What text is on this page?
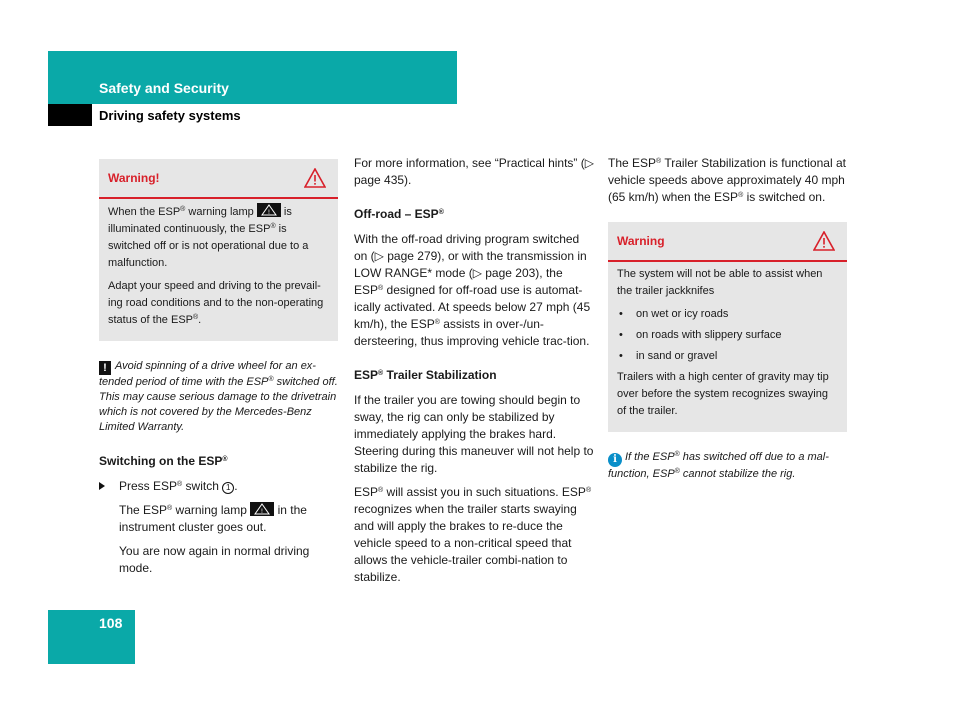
Safety and Security
Driving safety systems
Warning!

When the ESP® warning lamp ! is illuminated continuously, the ESP® is switched off or is not operational due to a malfunction.

Adapt your speed and driving to the prevail-ing road conditions and to the non-operating status of the ESP®.

! Avoid spinning of a drive wheel for an ex-tended period of time with the ESP® switched off. This may cause serious damage to the drivetrain which is not covered by the Mercedes-Benz Limited Warranty.

Switching on the ESP®

Press ESP® switch 1 .

The ESP® warning lamp ! in the instrument cluster goes out.

You are now again in normal driving mode.

For more information, see “Practical hints” (▷ page 435).

Off-road – ESP®

With the off-road driving program switched on (▷ page 279), or with the transmission in LOW RANGE* mode (▷ page 203), the ESP® designed for off-road use is automat-ically activated. At speeds below 27 mph (45 km/h), the ESP® assists in over-/un-dersteering, thus improving vehicle trac-tion.

ESP® Trailer Stabilization

If the trailer you are towing should begin to sway, the rig can only be stabilized by immediately applying the brakes hard. Steering during this maneuver will not help to stabilize the rig.

ESP® will assist you in such situations. ESP® recognizes when the trailer starts swaying and will apply the brakes to re-duce the vehicle speed to a non-critical speed that allows the vehicle-trailer combi-nation to stabilize.

The ESP® Trailer Stabilization is functional at vehicle speeds above approximately 40 mph (65 km/h) when the ESP® is switched on.

Warning

The system will not be able to assist when the trailer jackknifes

• on wet or icy roads
• on roads with slippery surface
• in sand or gravel

Trailers with a high center of gravity may tip over before the system recognizes swaying of the trailer.

i If the ESP® has switched off due to a mal-function, ESP® cannot stabilize the rig.

108
